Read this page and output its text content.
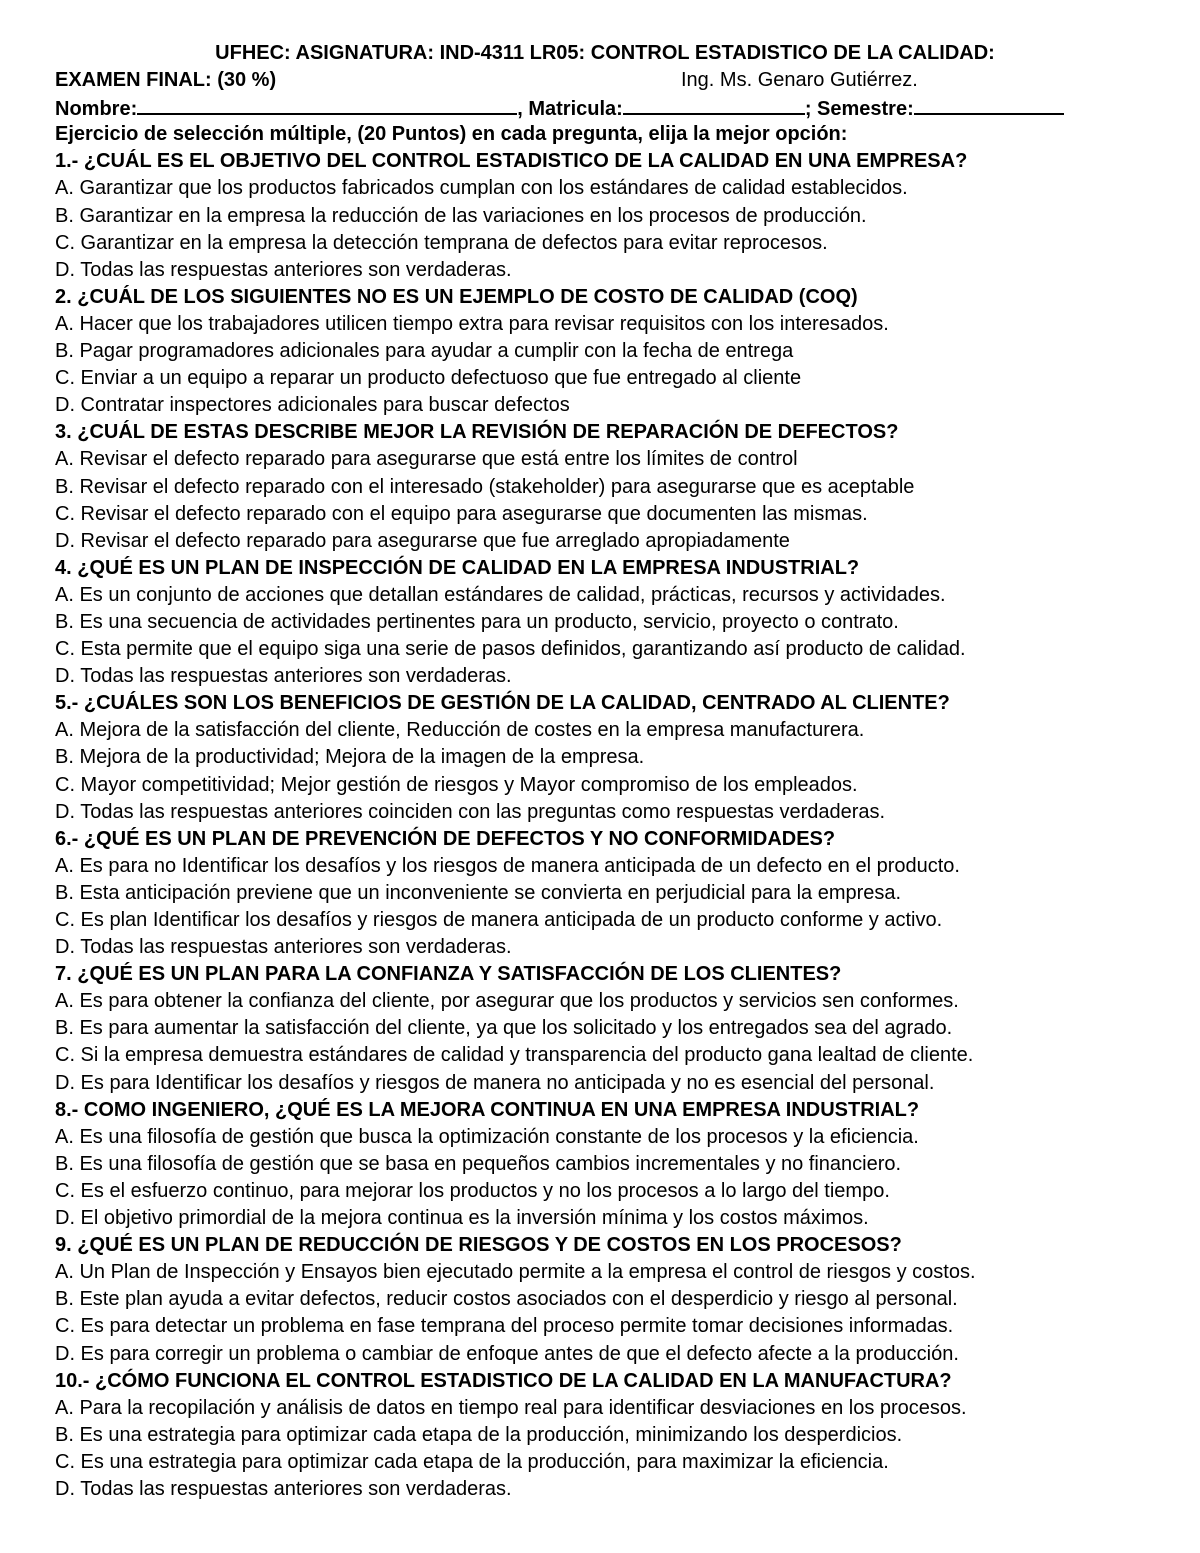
UFHEC: ASIGNATURA: IND-4311 LR05: CONTROL ESTADISTICO DE LA CALIDAD:
EXAMEN FINAL: (30 %)	Ing. Ms. Genaro Gutiérrez.
Nombre:	, Matricula:	; Semestre:
Ejercicio de selección múltiple, (20 Puntos) en cada pregunta, elija la mejor opción:
1.- ¿CUÁL ES EL OBJETIVO DEL CONTROL ESTADISTICO DE LA CALIDAD EN UNA EMPRESA?
A. Garantizar que los productos fabricados cumplan con los estándares de calidad establecidos.
B. Garantizar en la empresa la reducción de las variaciones en los procesos de producción.
C. Garantizar en la empresa la detección temprana de defectos para evitar reprocesos.
D. Todas las respuestas anteriores son verdaderas.
2. ¿CUÁL DE LOS SIGUIENTES NO ES UN EJEMPLO DE COSTO DE CALIDAD (COQ)
A. Hacer que los trabajadores utilicen tiempo extra para revisar requisitos con los interesados.
B. Pagar programadores adicionales para ayudar a cumplir con la fecha de entrega
C. Enviar a un equipo a reparar un producto defectuoso que fue entregado al cliente
D. Contratar inspectores adicionales para buscar defectos
3. ¿CUÁL DE ESTAS DESCRIBE MEJOR LA REVISIÓN DE REPARACIÓN DE DEFECTOS?
A. Revisar el defecto reparado para asegurarse que está entre los límites de control
B. Revisar el defecto reparado con el interesado (stakeholder) para asegurarse que es aceptable
C. Revisar el defecto reparado con el equipo para asegurarse que documenten las mismas.
D. Revisar el defecto reparado para asegurarse que fue arreglado apropiadamente
4. ¿QUÉ ES UN PLAN DE INSPECCIÓN DE CALIDAD EN LA EMPRESA INDUSTRIAL?
A. Es un conjunto de acciones que detallan estándares de calidad, prácticas, recursos y actividades.
B. Es una secuencia de actividades pertinentes para un producto, servicio, proyecto o contrato.
C. Esta permite que el equipo siga una serie de pasos definidos, garantizando así producto de calidad.
D. Todas las respuestas anteriores son verdaderas.
5.- ¿CUÁLES SON LOS BENEFICIOS DE GESTIÓN DE LA CALIDAD, CENTRADO AL CLIENTE?
A. Mejora de la satisfacción del cliente, Reducción de costes en la empresa manufacturera.
B. Mejora de la productividad; Mejora de la imagen de la empresa.
C. Mayor competitividad; Mejor gestión de riesgos y Mayor compromiso de los empleados.
D. Todas las respuestas anteriores coinciden con las preguntas como respuestas verdaderas.
6.- ¿QUÉ ES UN PLAN DE PREVENCIÓN DE DEFECTOS Y NO CONFORMIDADES?
A. Es para no Identificar los desafíos y los riesgos de manera anticipada de un defecto en el producto.
B. Esta anticipación previene que un inconveniente se convierta en perjudicial para la empresa.
C. Es plan Identificar los desafíos y riesgos de manera anticipada de un producto conforme y activo.
D. Todas las respuestas anteriores son verdaderas.
7. ¿QUÉ ES UN PLAN PARA LA CONFIANZA Y SATISFACCIÓN DE LOS CLIENTES?
A. Es para obtener la confianza del cliente, por asegurar que los productos y servicios sen conformes.
B. Es para aumentar la satisfacción del cliente, ya que los solicitado y los entregados sea del agrado.
C. Si la empresa demuestra estándares de calidad y transparencia del producto gana lealtad de cliente.
D. Es para Identificar los desafíos y riesgos de manera no anticipada y no es esencial del personal.
8.- COMO INGENIERO, ¿QUÉ ES LA MEJORA CONTINUA EN UNA EMPRESA INDUSTRIAL?
A. Es una filosofía de gestión que busca la optimización constante de los procesos y la eficiencia.
B. Es una filosofía de gestión que se basa en pequeños cambios incrementales y no financiero.
C. Es el esfuerzo continuo, para mejorar los productos y no los procesos a lo largo del tiempo.
D. El objetivo primordial de la mejora continua es la inversión mínima y los costos máximos.
9. ¿QUÉ ES UN PLAN DE REDUCCIÓN DE RIESGOS Y DE COSTOS EN LOS PROCESOS?
A. Un Plan de Inspección y Ensayos bien ejecutado permite a la empresa el control de riesgos y costos.
B. Este plan ayuda a evitar defectos, reducir costos asociados con el desperdicio y riesgo al personal.
C. Es para detectar un problema en fase temprana del proceso permite tomar decisiones informadas.
D. Es para corregir un problema o cambiar de enfoque antes de que el defecto afecte a la producción.
10.- ¿CÓMO FUNCIONA EL CONTROL ESTADISTICO DE LA CALIDAD EN LA MANUFACTURA?
A. Para la recopilación y análisis de datos en tiempo real para identificar desviaciones en los procesos.
B. Es una estrategia para optimizar cada etapa de la producción, minimizando los desperdicios.
C. Es una estrategia para optimizar cada etapa de la producción, para maximizar la eficiencia.
D. Todas las respuestas anteriores son verdaderas.
